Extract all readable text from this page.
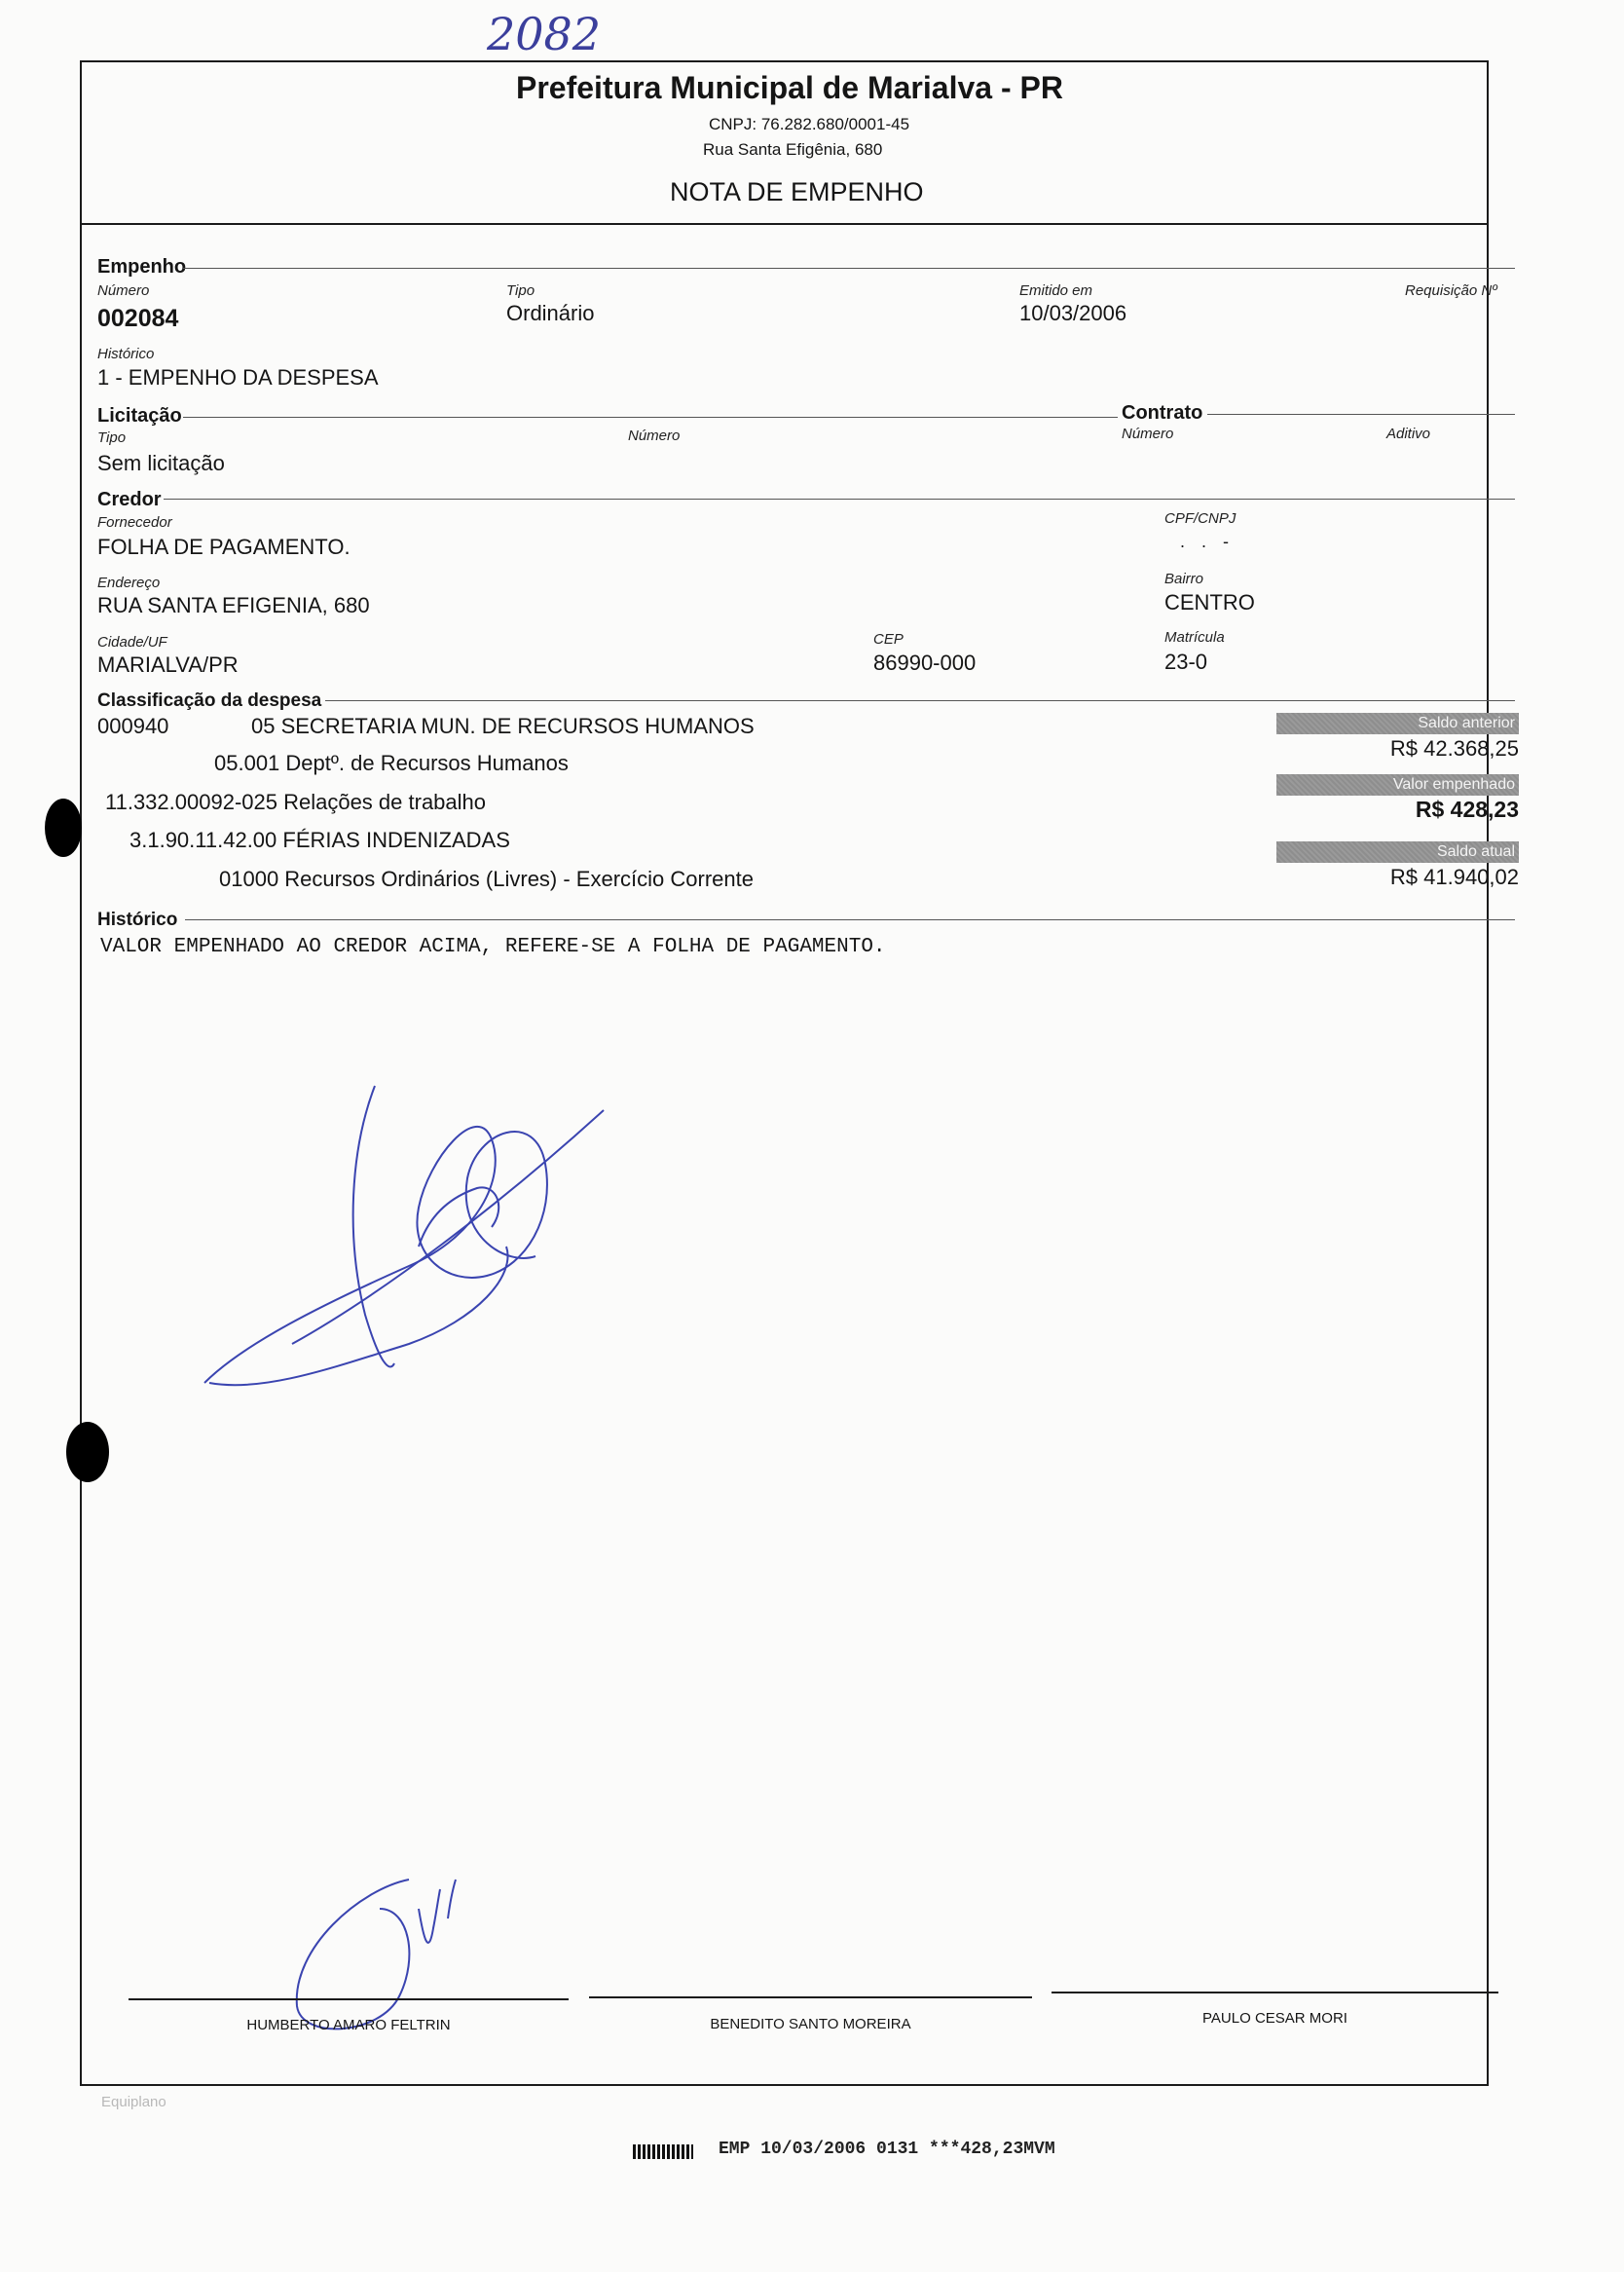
2082
Prefeitura Municipal de Marialva - PR
CNPJ: 76.282.680/0001-45
Rua Santa Efigênia, 680
NOTA DE EMPENHO
Empenho
Número
002084
Tipo
Ordinário
Emitido em
10/03/2006
Requisição Nº
Histórico
1 - EMPENHO DA DESPESA
Licitação	Contrato
Tipo
Sem licitação
Número	Número	Aditivo
Credor
Fornecedor
FOLHA DE PAGAMENTO.
CPF/CNPJ
. . -
Endereço
RUA SANTA EFIGENIA, 680
Bairro
CENTRO
Cidade/UF
MARIALVA/PR
CEP
86990-000
Matrícula
23-0
Classificação da despesa
000940	05 SECRETARIA MUN. DE RECURSOS HUMANOS
05.001 Deptº. de Recursos Humanos
11.332.00092-025 Relações de trabalho
3.1.90.11.42.00 FÉRIAS INDENIZADAS
01000 Recursos Ordinários (Livres) - Exercício Corrente
Saldo anterior
R$ 42.368,25
Valor empenhado
R$ 428,23
Saldo atual
R$ 41.940,02
Histórico
VALOR EMPENHADO AO CREDOR ACIMA, REFERE-SE A FOLHA DE PAGAMENTO.
HUMBERTO AMARO FELTRIN	BENEDITO SANTO MOREIRA	PAULO CESAR MORI
Equiplano
EMP 10/03/2006 0131 ***428,23MVM
